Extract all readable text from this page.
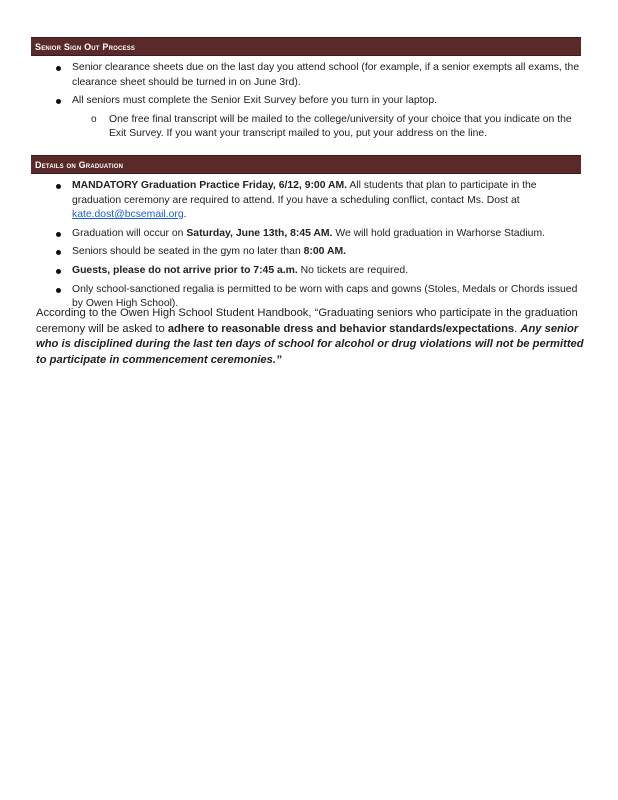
Senior Sign Out Process
Senior clearance sheets due on the last day you attend school (for example, if a senior exempts all exams, the clearance sheet should be turned in on June 3rd).
All seniors must complete the Senior Exit Survey before you turn in your laptop.
o One free final transcript will be mailed to the college/university of your choice that you indicate on the Exit Survey. If you want your transcript mailed to you, put your address on the line.
Details on Graduation
MANDATORY Graduation Practice Friday, 6/12, 9:00 AM. All students that plan to participate in the graduation ceremony are required to attend. If you have a scheduling conflict, contact Ms. Dost at kate.dost@bcsemail.org.
Graduation will occur on Saturday, June 13th, 8:45 AM. We will hold graduation in Warhorse Stadium.
Seniors should be seated in the gym no later than 8:00 AM.
Guests, please do not arrive prior to 7:45 a.m. No tickets are required.
Only school-sanctioned regalia is permitted to be worn with caps and gowns (Stoles, Medals or Chords issued by Owen High School).

According to the Owen High School Student Handbook, “Graduating seniors who participate in the graduation ceremony will be asked to adhere to reasonable dress and behavior standards/expectations. Any senior who is disciplined during the last ten days of school for alcohol or drug violations will not be permitted to participate in commencement ceremonies.”
